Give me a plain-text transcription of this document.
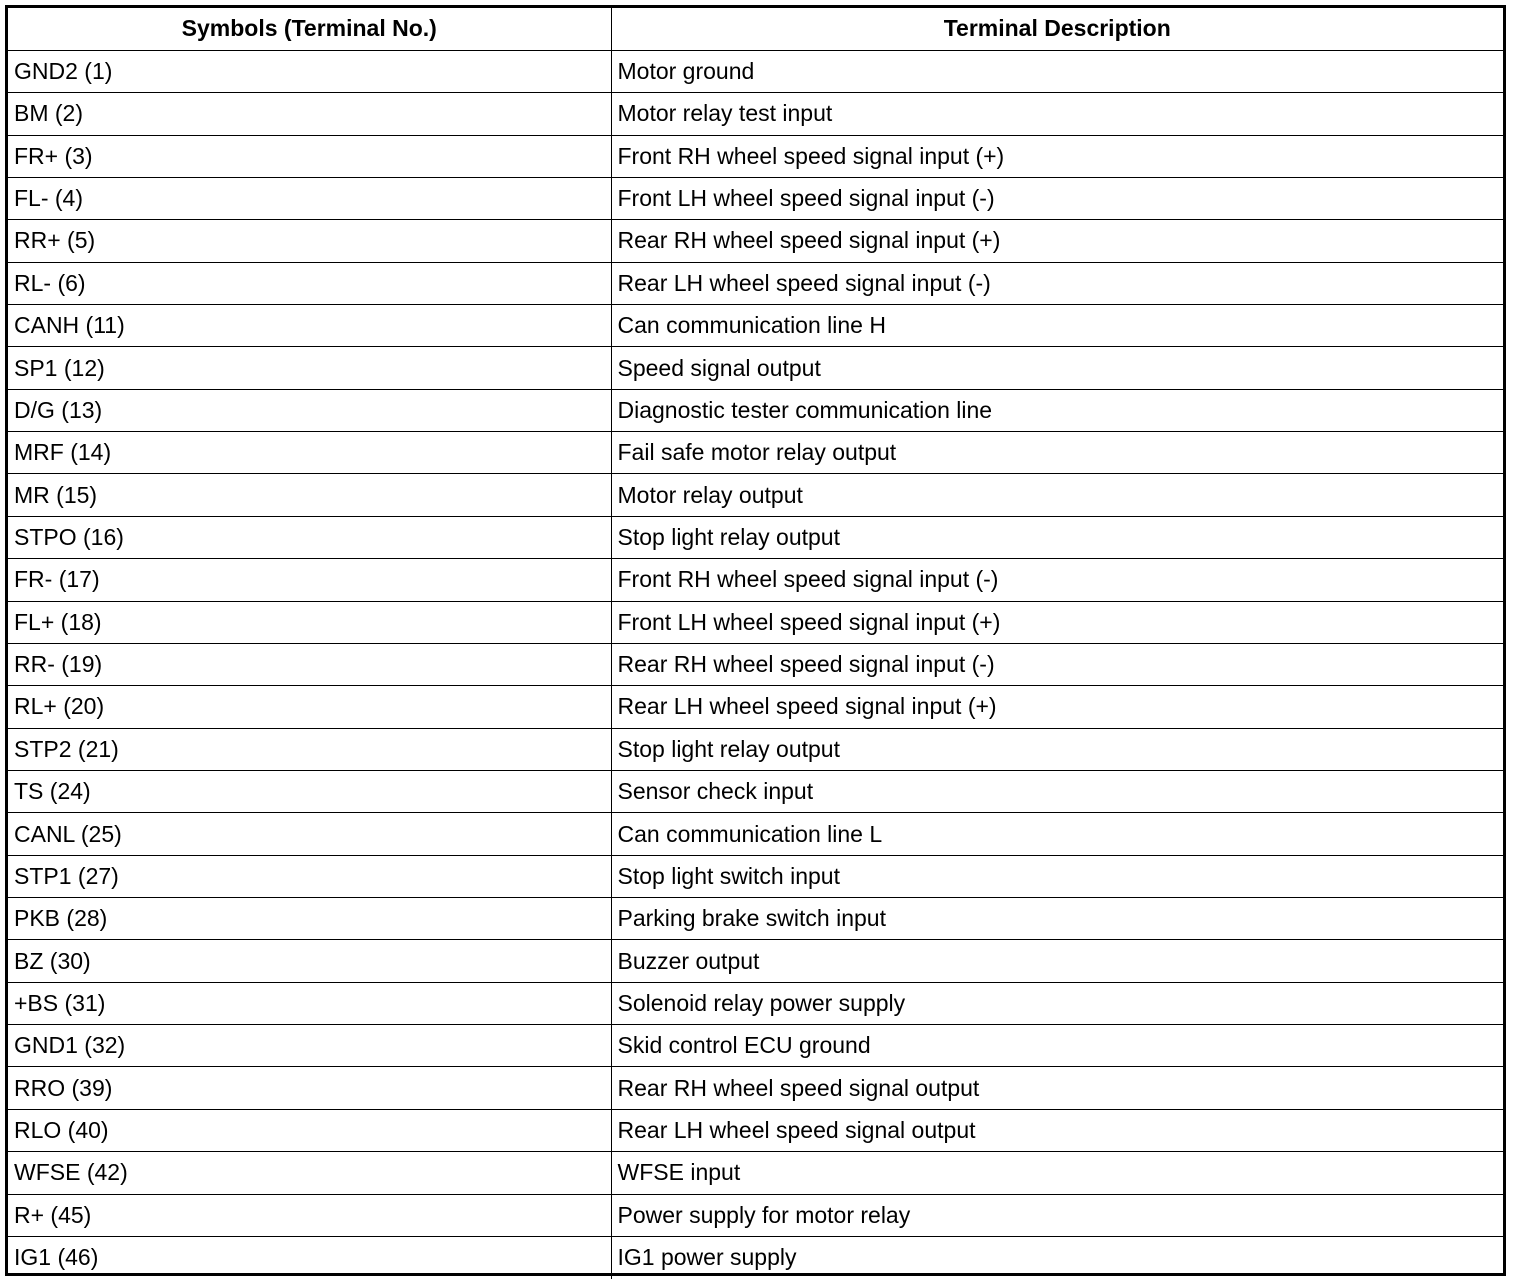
Symbols (Terminal No.)	Terminal Description
GND2 (1)	Motor ground
BM (2)	Motor relay test input
FR+ (3)	Front RH wheel speed signal input (+)
FL- (4)	Front LH wheel speed signal input (-)
RR+ (5)	Rear RH wheel speed signal input (+)
RL- (6)	Rear LH wheel speed signal input (-)
CANH (11)	Can communication line H
SP1 (12)	Speed signal output
D/G (13)	Diagnostic tester communication line
MRF (14)	Fail safe motor relay output
MR (15)	Motor relay output
STPO (16)	Stop light relay output
FR- (17)	Front RH wheel speed signal input (-)
FL+ (18)	Front LH wheel speed signal input (+)
RR- (19)	Rear RH wheel speed signal input (-)
RL+ (20)	Rear LH wheel speed signal input (+)
STP2 (21)	Stop light relay output
TS (24)	Sensor check input
CANL (25)	Can communication line L
STP1 (27)	Stop light switch input
PKB (28)	Parking brake switch input
BZ (30)	Buzzer output
+BS (31)	Solenoid relay power supply
GND1 (32)	Skid control ECU ground
RRO (39)	Rear RH wheel speed signal output
RLO (40)	Rear LH wheel speed signal output
WFSE (42)	WFSE input
R+ (45)	Power supply for motor relay
IG1 (46)	IG1 power supply
